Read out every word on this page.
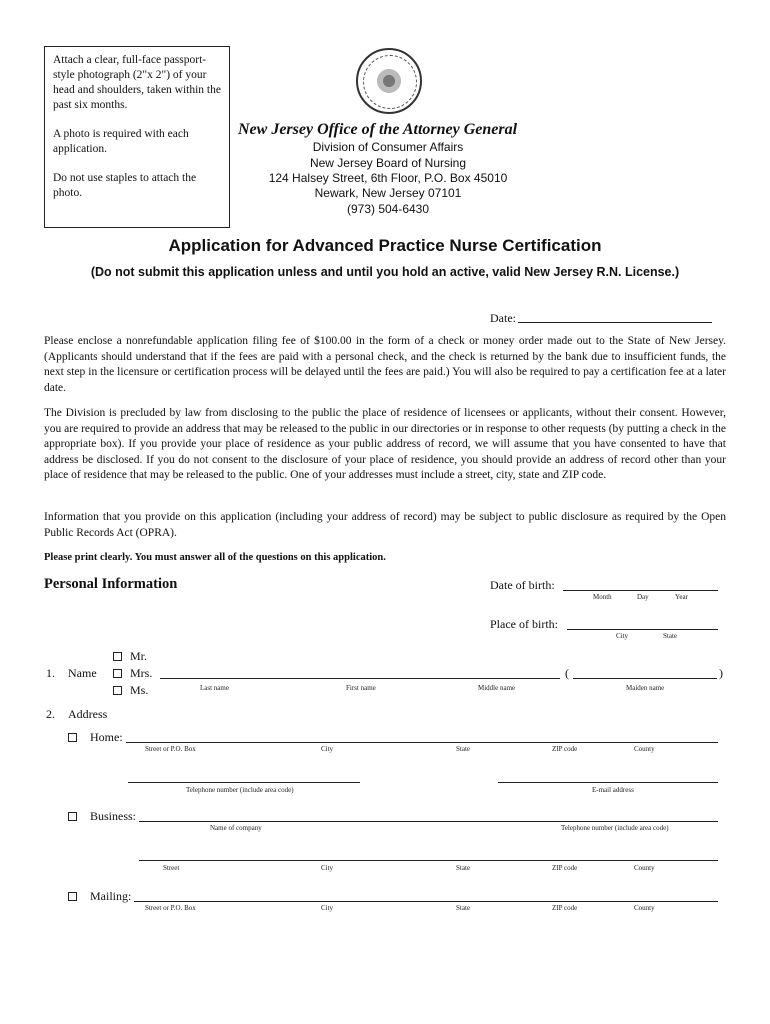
Attach a clear, full-face passport-style photograph (2"x 2") of your head and shoulders, taken within the past six months.

A photo is required with each application.

Do not use staples to attach the photo.

New Jersey Office of the Attorney General
Division of Consumer Affairs
New Jersey Board of Nursing
124 Halsey Street, 6th Floor, P.O. Box 45010
Newark, New Jersey 07101
(973) 504-6430
Application for Advanced Practice Nurse Certification
(Do not submit this application unless and until you hold an active, valid New Jersey R.N. License.)
Date:
Please enclose a nonrefundable application filing fee of $100.00 in the form of a check or money order made out to the State of New Jersey. (Applicants should understand that if the fees are paid with a personal check, and the check is returned by the bank due to insufficient funds, the next step in the licensure or certification process will be delayed until the fees are paid.) You will also be required to pay a certification fee at a later date.
The Division is precluded by law from disclosing to the public the place of residence of licensees or applicants, without their consent. However, you are required to provide an address that may be released to the public in our directories or in response to other requests (by putting a check in the appropriate box). If you provide your place of residence as your public address of record, we will assume that you have consented to have that address be disclosed. If you do not consent to the disclosure of your place of residence, you should provide an address of record other than your place of residence that may be released to the public. One of your addresses must include a street, city, state and ZIP code.
Information that you provide on this application (including your address of record) may be subject to public disclosure as required by the Open Public Records Act (OPRA).
Please print clearly. You must answer all of the questions on this application.
Personal Information	Date of birth:
Month	Day	Year
Place of birth:
City	State
Mr.
Mrs.
Ms.
1. Name	(	)
Last name	First name	Middle name	Maiden name
2. Address
Home:
Street or P.O. Box	City	State	ZIP code	County
Telephone number (include area code)	E-mail address
Business:
Name of company	Telephone number (include area code)
Street	City	State	ZIP code	County
Mailing:
Street or P.O. Box	City	State	ZIP code	County
